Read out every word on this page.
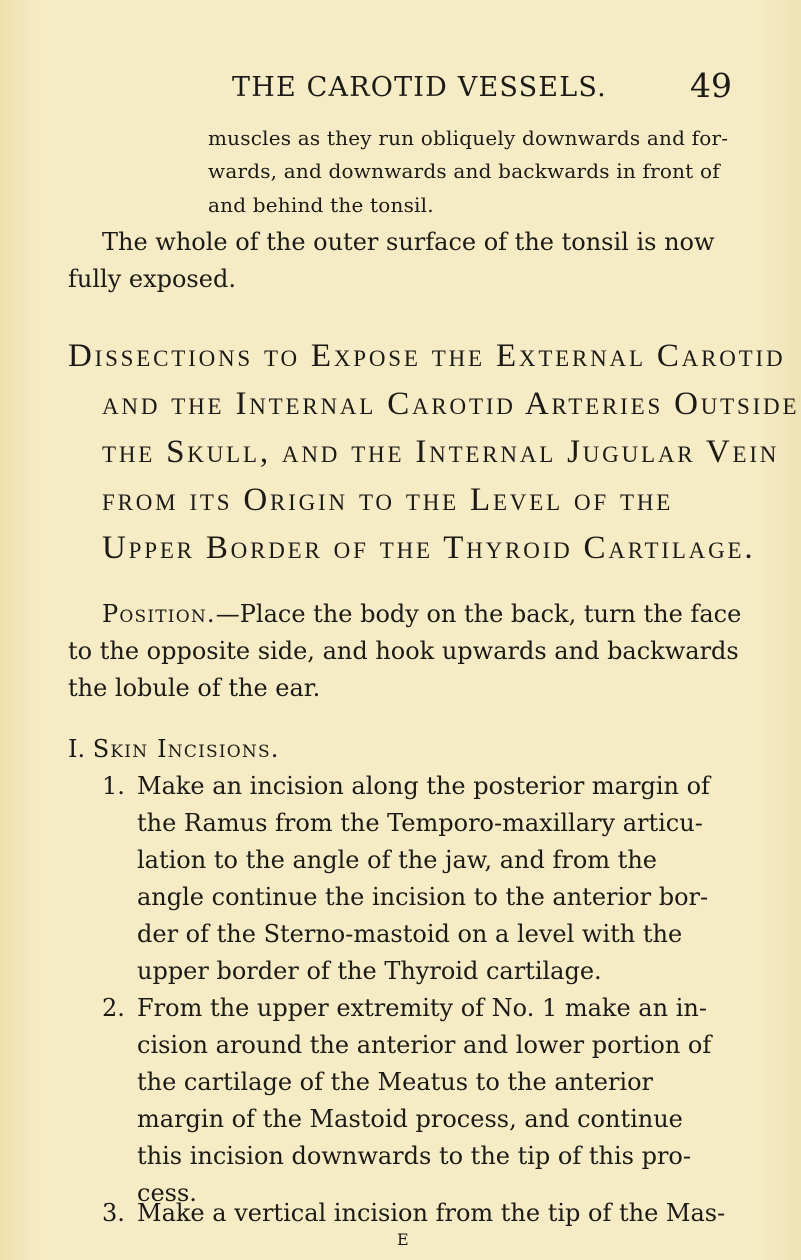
THE CAROTID VESSELS.	49
muscles as they run obliquely downwards and for-
wards, and downwards and backwards in front of
and behind the tonsil.
The whole of the outer surface of the tonsil is now
fully exposed.
Dissections to Expose the External Carotid
and the Internal Carotid Arteries Outside
the Skull, and the Internal Jugular Vein
from its Origin to the Level of the
Upper Border of the Thyroid Cartilage.
Position.—Place the body on the back, turn the face
to the opposite side, and hook upwards and backwards
the lobule of the ear.
I. Skin Incisions.
1. Make an incision along the posterior margin of
the Ramus from the Temporo-maxillary articu-
lation to the angle of the jaw, and from the
angle continue the incision to the anterior bor-
der of the Sterno-mastoid on a level with the
upper border of the Thyroid cartilage.
2. From the upper extremity of No. 1 make an in-
cision around the anterior and lower portion of
the cartilage of the Meatus to the anterior
margin of the Mastoid process, and continue
this incision downwards to the tip of this pro-
cess.
3. Make a vertical incision from the tip of the Mas-
E
